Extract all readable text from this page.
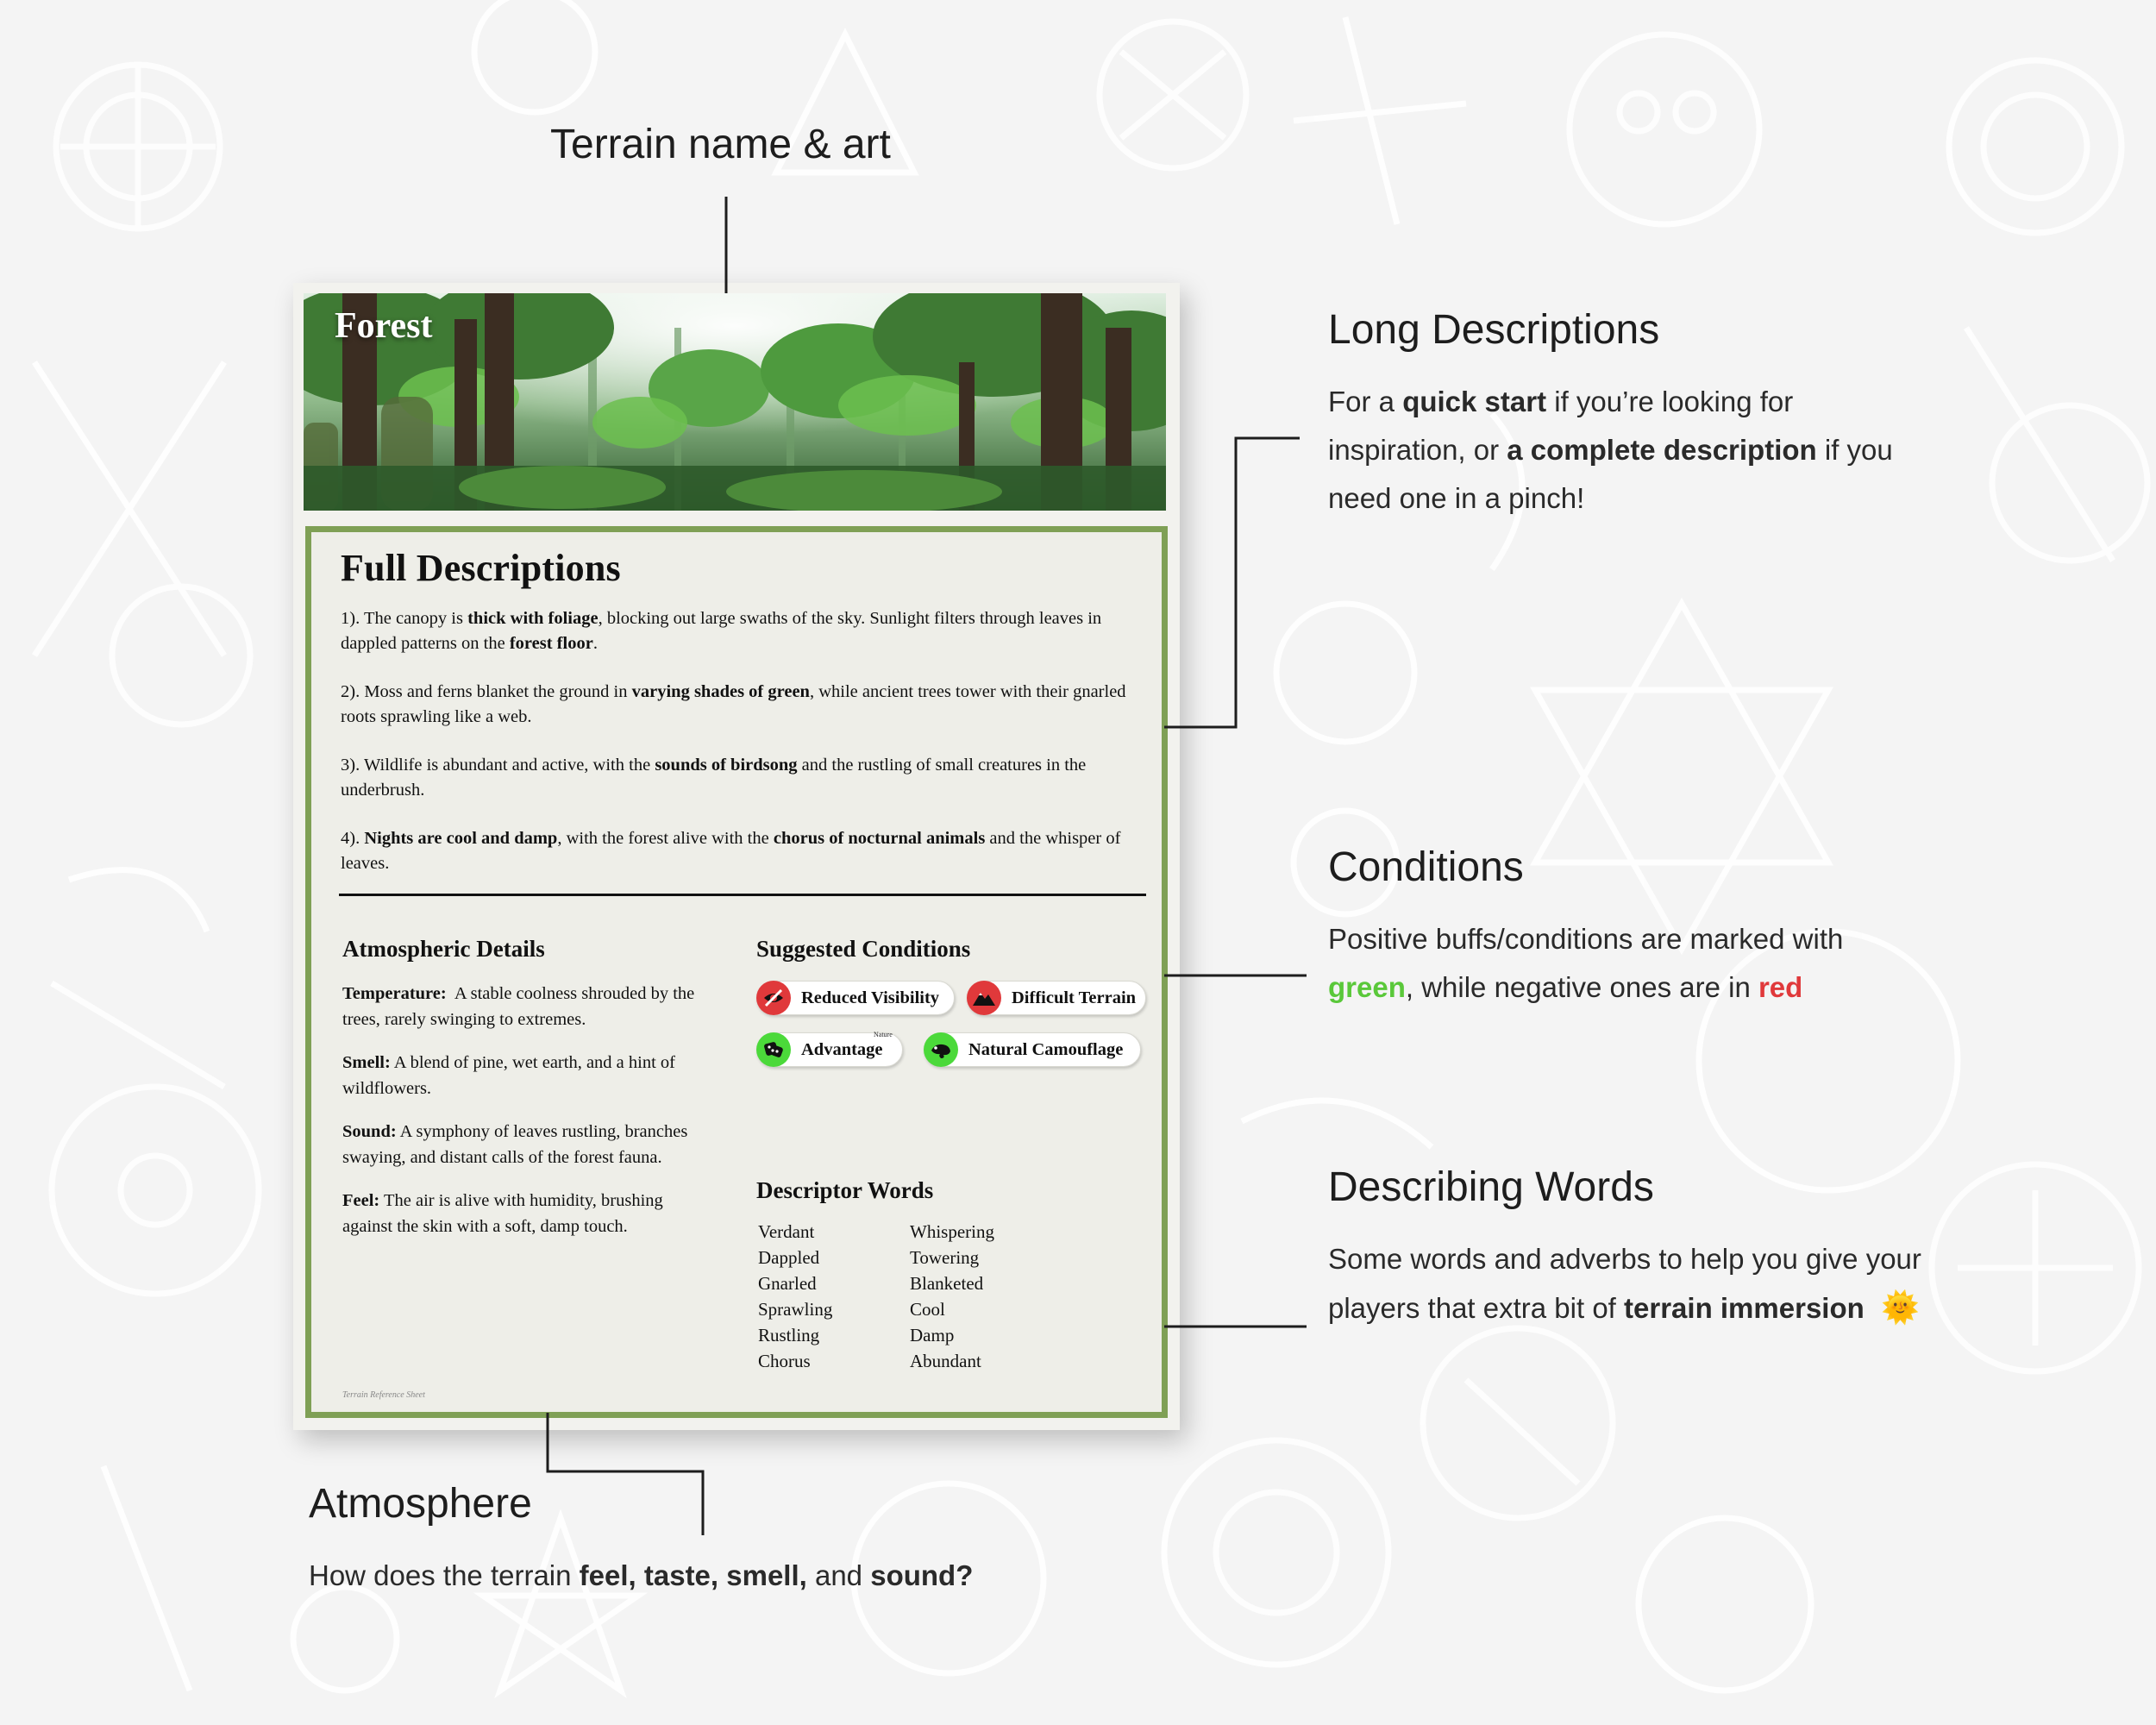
Terrain name & art
Long Descriptions

For a quick start if you’re looking for inspiration, or a complete description if you need one in a pinch!

Conditions

Positive buffs/conditions are marked with green, while negative ones are in red

Describing Words

Some words and adverbs to help you give your players that extra bit of terrain immersion 🌞

Atmosphere

How does the terrain feel, taste, smell, and sound?

Forest
Full Descriptions

1). The canopy is thick with foliage, blocking out large swaths of the sky. Sunlight filters through leaves in dappled patterns on the forest floor.

2). Moss and ferns blanket the ground in varying shades of green, while ancient trees tower with their gnarled roots sprawling like a web.

3). Wildlife is abundant and active, with the sounds of birdsong and the rustling of small creatures in the underbrush.

4). Nights are cool and damp, with the forest alive with the chorus of nocturnal animals and the whisper of leaves.

Atmospheric Details

Temperature:  A stable coolness shrouded by the trees, rarely swinging to extremes.

Smell: A blend of pine, wet earth, and a hint of wildflowers.

Sound: A symphony of leaves rustling, branches swaying, and distant calls of the forest fauna.

Feel: The air is alive with humidity, brushing against the skin with a soft, damp touch.

Suggested Conditions
Reduced Visibility	Difficult Terrain
Advantage
Nature
Natural Camouflage
Descriptor Words
Verdant
Dappled
Gnarled
Sprawling
Rustling
Chorus
Whispering
Towering
Blanketed
Cool
Damp
Abundant
Terrain Reference Sheet
